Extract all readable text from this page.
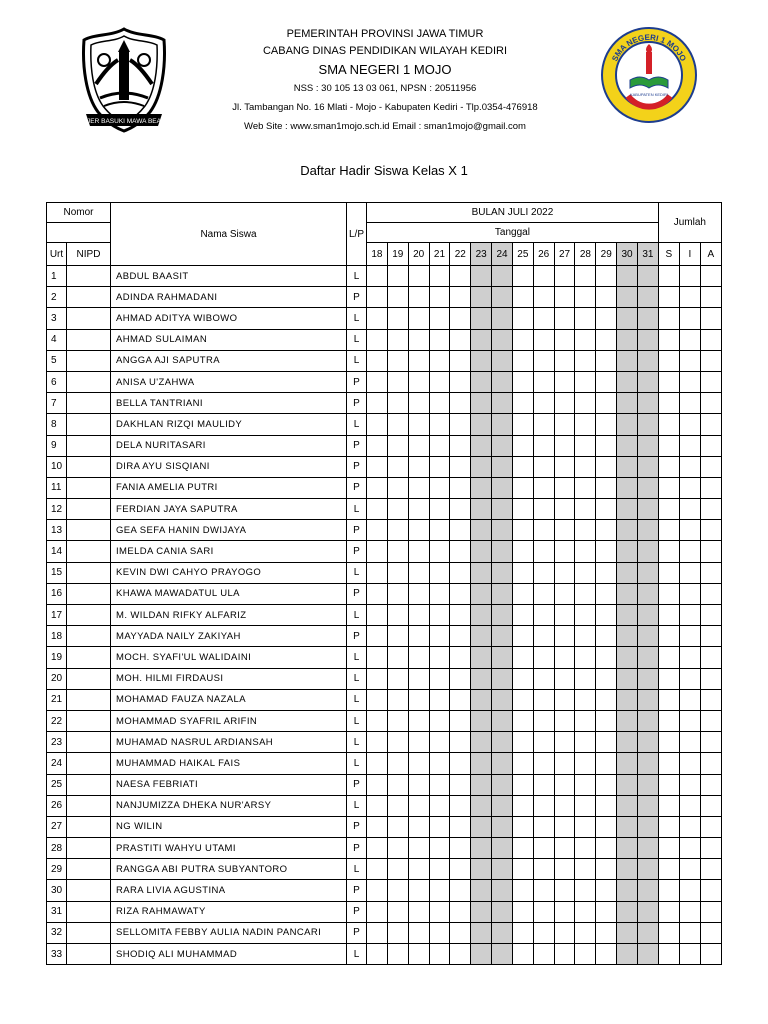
JER BASUKI MAWA BEA
PEMERINTAH PROVINSI JAWA TIMUR
CABANG DINAS PENDIDIKAN WILAYAH KEDIRI
SMA NEGERI 1 MOJO
NSS : 30 105 13 03 061, NPSN : 20511956
Jl. Tambangan No. 16 Mlati - Mojo - Kabupaten Kediri - Tlp.0354-476918
Web Site : www.sman1mojo.sch.id Email : sman1mojo@gmail.com
SMA NEGERI 1 MOJO
KABUPATEN KEDIRI
Daftar Hadir Siswa Kelas X 1
Nomor		Nama Siswa	L/P	BULAN JULI 2022														Jumlah		
				Tanggal																
Urt	NIPD			18	19	20	21	22	23	24	25	26	27	28	29	30	31	S	I	A
1		ABDUL BAASIT	L																	
2		ADINDA RAHMADANI	P																	
3		AHMAD ADITYA WIBOWO	L																	
4		AHMAD SULAIMAN	L																	
5		ANGGA AJI SAPUTRA	L																	
6		ANISA U'ZAHWA	P																	
7		BELLA TANTRIANI	P																	
8		DAKHLAN RIZQI MAULIDY	L																	
9		DELA NURITASARI	P																	
10		DIRA AYU SISQIANI	P																	
11		FANIA AMELIA PUTRI	P																	
12		FERDIAN JAYA SAPUTRA	L																	
13		GEA SEFA HANIN DWIJAYA	P																	
14		IMELDA CANIA SARI	P																	
15		KEVIN DWI CAHYO PRAYOGO	L																	
16		KHAWA MAWADATUL ULA	P																	
17		M. WILDAN RIFKY ALFARIZ	L																	
18		MAYYADA NAILY ZAKIYAH	P																	
19		MOCH. SYAFI'UL WALIDAINI	L																	
20		MOH. HILMI FIRDAUSI	L																	
21		MOHAMAD FAUZA NAZALA	L																	
22		MOHAMMAD SYAFRIL ARIFIN	L																	
23		MUHAMAD NASRUL ARDIANSAH	L																	
24		MUHAMMAD HAIKAL FAIS	L																	
25		NAESA FEBRIATI	P																	
26		NANJUMIZZA DHEKA NUR'ARSY	L																	
27		NG WILIN	P																	
28		PRASTITI WAHYU UTAMI	P																	
29		RANGGA ABI PUTRA SUBYANTORO	L																	
30		RARA LIVIA AGUSTINA	P																	
31		RIZA RAHMAWATY	P																	
32		SELLOMITA FEBBY AULIA NADIN PANCARI	P																	
33		SHODIQ ALI MUHAMMAD	L																	
